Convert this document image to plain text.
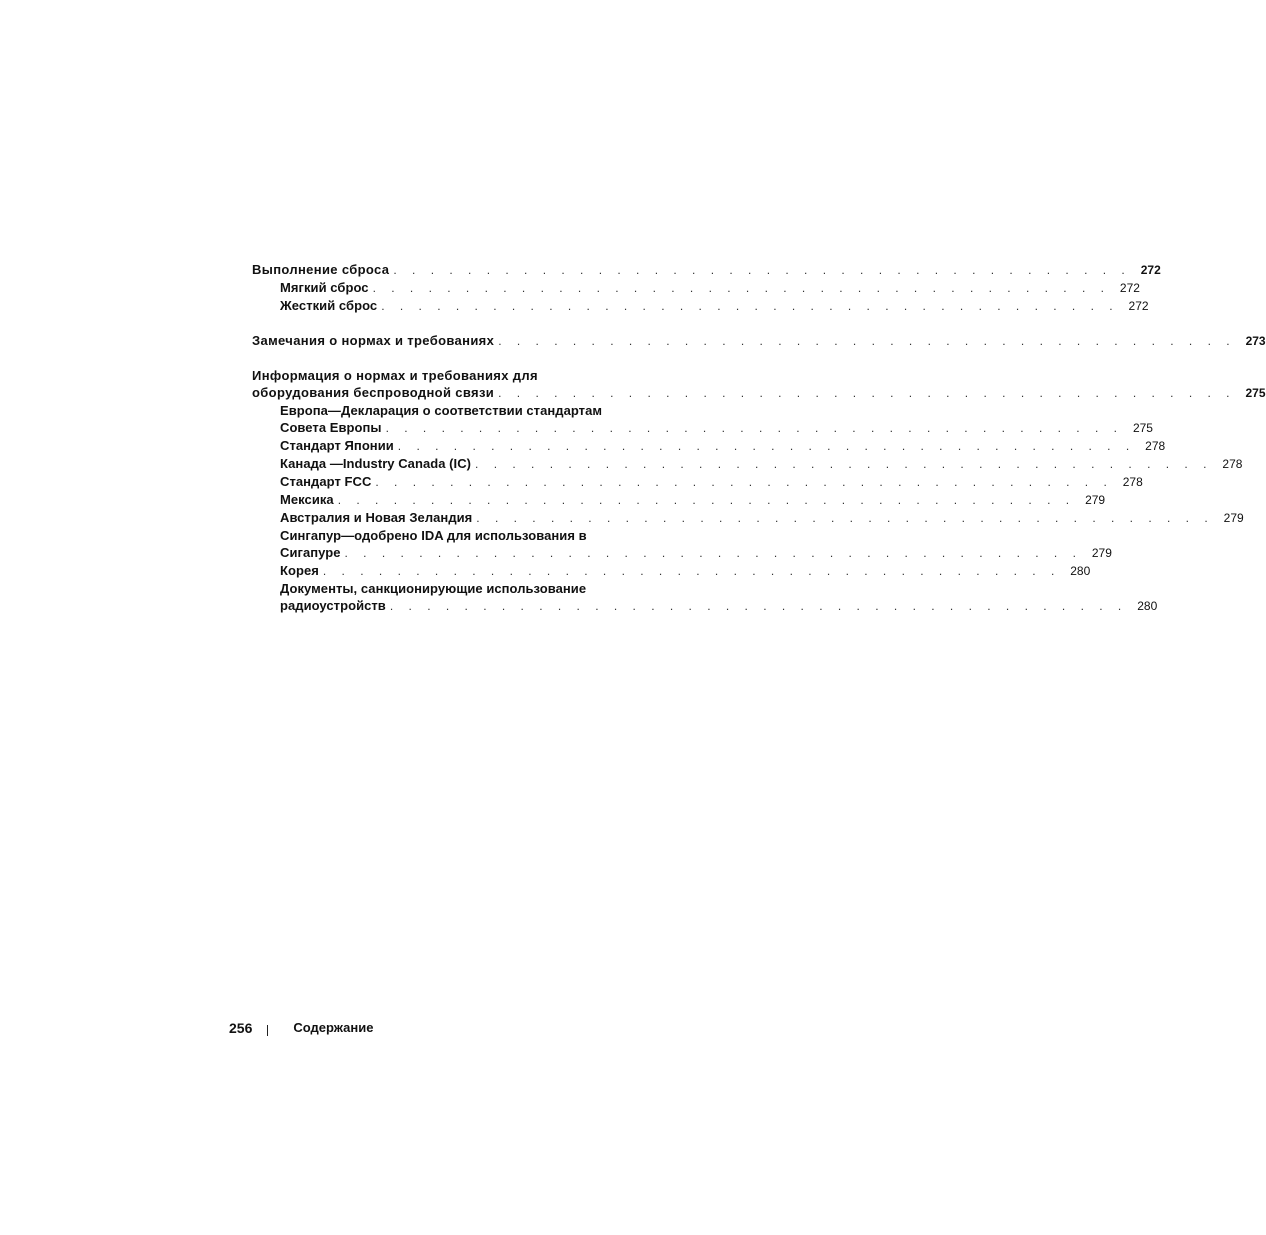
Выполнение сброса . . . . . . . . . . . . . . . . . . . . . . . . . . . . . . . . . . . . . . . . 272
Мягкий сброс . . . . . . . . . . . . . . . . . . . . . . . . . . . . . . . . . . . . . . . . 272
Жесткий сброс . . . . . . . . . . . . . . . . . . . . . . . . . . . . . . . . . . . . . . . . 272
Замечания о нормах и требованиях . . . . . . . . . . . . . . . . . . . . . . . . . . . . . . . . . . . . . . . . 273
Информация о нормах и требованиях для
оборудования беспроводной связи . . . . . . . . . . . . . . . . . . . . . . . . . . . . . . . . . . . . . . . . 275
Европа—Декларация о соответствии стандартам
Совета Европы . . . . . . . . . . . . . . . . . . . . . . . . . . . . . . . . . . . . . . . . 275
Стандарт Японии . . . . . . . . . . . . . . . . . . . . . . . . . . . . . . . . . . . . . . . . 278
Канада —Industry Canada (IC) . . . . . . . . . . . . . . . . . . . . . . . . . . . . . . . . . . . . . . . . 278
Стандарт FCC . . . . . . . . . . . . . . . . . . . . . . . . . . . . . . . . . . . . . . . . 278
Мексика . . . . . . . . . . . . . . . . . . . . . . . . . . . . . . . . . . . . . . . . 279
Австралия и Новая Зеландия . . . . . . . . . . . . . . . . . . . . . . . . . . . . . . . . . . . . . . . . 279
Сингапур—одобрено IDA для использования в
Сигапуре . . . . . . . . . . . . . . . . . . . . . . . . . . . . . . . . . . . . . . . . 279
Корея . . . . . . . . . . . . . . . . . . . . . . . . . . . . . . . . . . . . . . . . 280
Документы, санкционирующие использование
радиоустройств . . . . . . . . . . . . . . . . . . . . . . . . . . . . . . . . . . . . . . . . 280
256	Содержание
